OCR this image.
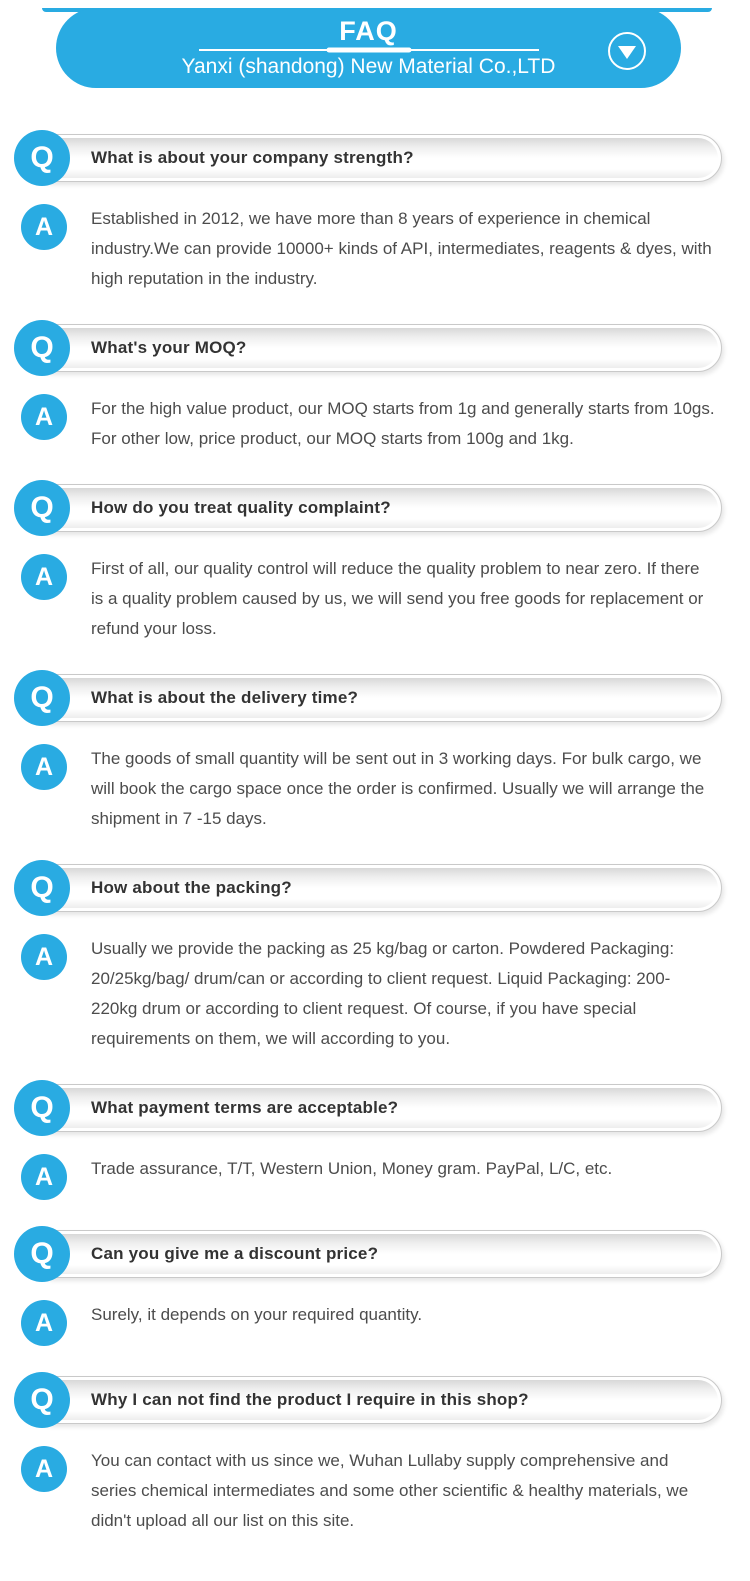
FAQ
Yanxi (shandong) New Material Co.,LTD
What is about your company strength?
Q
A Established in 2012, we have more than 8 years of experience in chemical industry.We can provide 10000+ kinds of API, intermediates, reagents & dyes, with high reputation in the industry.

What's your MOQ?
Q
A For the high value product, our MOQ starts from 1g and generally starts from 10gs. For other low, price product, our MOQ starts from 100g and 1kg.

How do you treat quality complaint?
Q
A First of all, our quality control will reduce the quality problem to near zero. If there is a quality problem caused by us, we will send you free goods for replacement or refund your loss.

What is about the delivery time?
Q
A The goods of small quantity will be sent out in 3 working days. For bulk cargo, we will book the cargo space once the order is confirmed. Usually we will arrange the shipment in 7 -15 days.

How about the packing?
Q
A Usually we provide the packing as 25 kg/bag or carton. Powdered Packaging: 20/25kg/bag/ drum/can or according to client request. Liquid Packaging: 200-220kg drum or according to client request. Of course, if you have special requirements on them, we will according to you.

What payment terms are acceptable?
Q
A Trade assurance, T/T, Western Union, Money gram. PayPal, L/C, etc.

Can you give me a discount price?
Q
A Surely, it depends on your required quantity.

Why I can not find the product I require in this shop?
Q
A You can contact with us since we, Wuhan Lullaby supply comprehensive and series chemical intermediates and some other scientific & healthy materials, we didn't upload all our list on this site.
